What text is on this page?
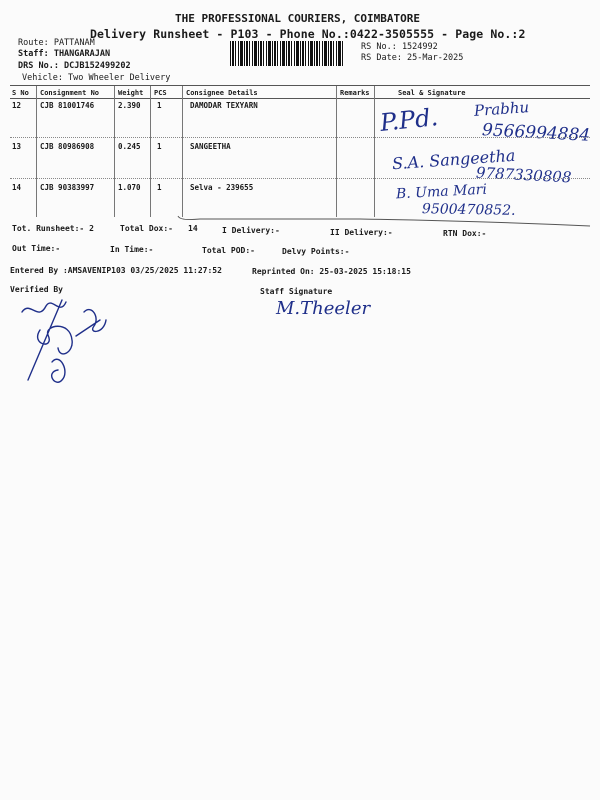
THE PROFESSIONAL COURIERS, COIMBATORE
Delivery Runsheet - P103 - Phone No.:0422-3505555 - Page No.:2
Route: PATTANAM
Staff: THANGARAJAN
DRS No.: DCJB152499202
Vehicle: Two Wheeler Delivery
RS No.: 1524992
RS Date: 25-Mar-2025
S No Consignment No	Weight PCS	Consignee Details	Remarks	Seal & Signature
12	CJB 81001746	2.390 1	DAMODAR TEXYARN	P.Pd. Prabhu
9566994884
13	CJB 80986908	0.245 1	SANGEETHA	S.A. Sangeetha
9787330808
14	CJB 90383997	1.070 1	Selva - 239655	B. Uma Mari
9500470852.
Tot. Runsheet:- 2	Total Dox:- 14	I Delivery:-	II Delivery:-	RTN Dox:-
Out Time:-	In Time:-	Total POD:-	Delvy Points:-
Entered By :AMSAVENIP103 03/25/2025 11:27:52	Reprinted On: 25-03-2025 15:18:15
Verified By	Staff Signature
M.Theeler
